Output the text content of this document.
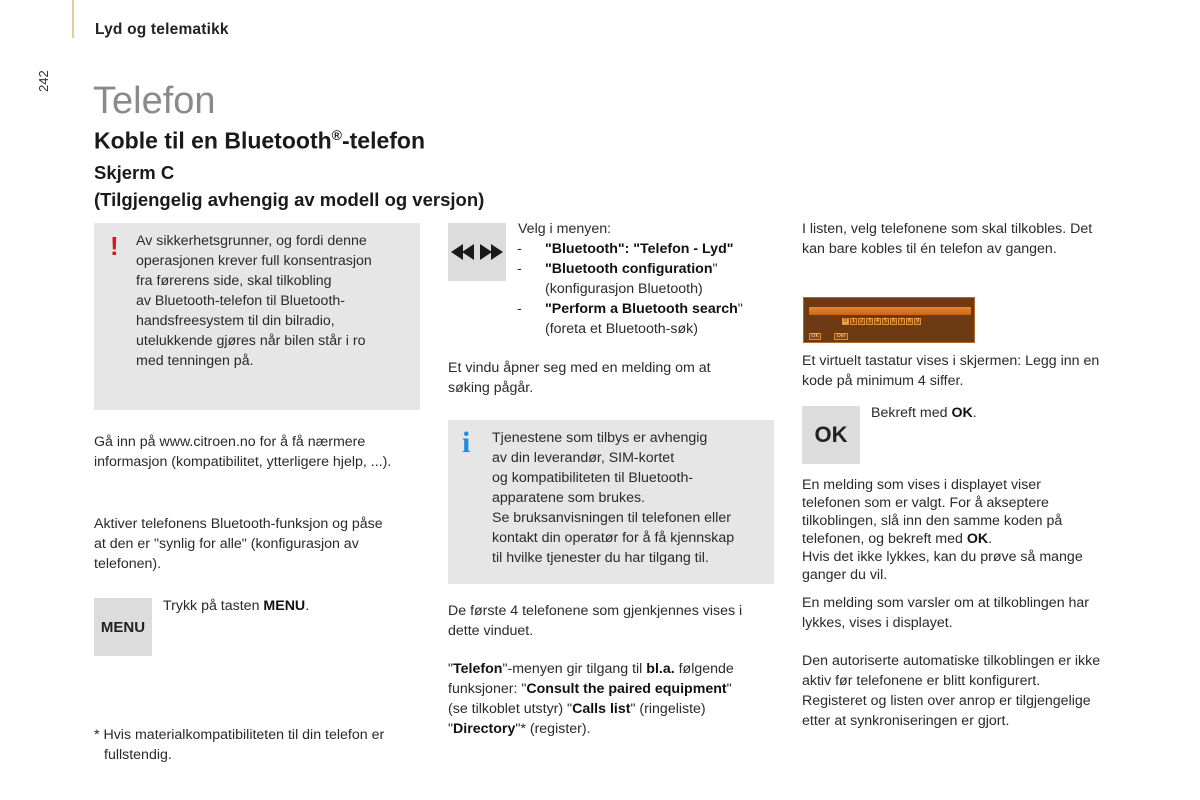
Lyd og telematikk
242 Telefon
Koble til en Bluetooth®-telefon
Skjerm C
(Tilgjengelig avhengig av modell og versjon)
! Av sikkerhetsgrunner, og fordi denne
operasjonen krever full konsentrasjon
fra førerens side, skal tilkobling
av Bluetooth-telefon til Bluetooth-
handsfreesystem til din bilradio,
utelukkende gjøres når bilen står i ro
med tenningen på.
Gå inn på www.citroen.no for å få nærmere
informasjon (kompatibilitet, ytterligere hjelp, ...).
Aktiver telefonens Bluetooth-funksjon og påse
at den er "synlig for alle" (konfigurasjon av
telefonen).
MENU
Trykk på tasten MENU.
* Hvis materialkompatibiliteten til din telefon er
fullstendig.
Velg i menyen:
- "Bluetooth": "Telefon - Lyd"
- "Bluetooth configuration"
(konfigurasjon Bluetooth)
- "Perform a Bluetooth search"
(foreta et Bluetooth-søk)
Et vindu åpner seg med en melding om at
søking pågår.
i Tjenestene som tilbys er avhengig
av din leverandør, SIM-kortet
og kompatibiliteten til Bluetooth-
apparatene som brukes.
Se bruksanvisningen til telefonen eller
kontakt din operatør for å få kjennskap
til hvilke tjenester du har tilgang til.
De første 4 telefonene som gjenkjennes vises i
dette vinduet.
"Telefon"-menyen gir tilgang til bl.a. følgende
funksjoner: "Consult the paired equipment"
(se tilkoblet utstyr) "Calls list" (ringeliste)
"Directory"* (register).
I listen, velg telefonene som skal tilkobles. Det
kan bare kobles til én telefon av gangen.
0 1 2 3 4 5 6 7 8 9
OK	Del
Et virtuelt tastatur vises i skjermen: Legg inn en
kode på minimum 4 siffer.
OK
Bekreft med OK.
En melding som vises i displayet viser
telefonen som er valgt. For å akseptere
tilkoblingen, slå inn den samme koden på
telefonen, og bekreft med OK.
Hvis det ikke lykkes, kan du prøve så mange
ganger du vil.
En melding som varsler om at tilkoblingen har
lykkes, vises i displayet.
Den autoriserte automatiske tilkoblingen er ikke
aktiv før telefonene er blitt konfigurert.
Registeret og listen over anrop er tilgjengelige
etter at synkroniseringen er gjort.
